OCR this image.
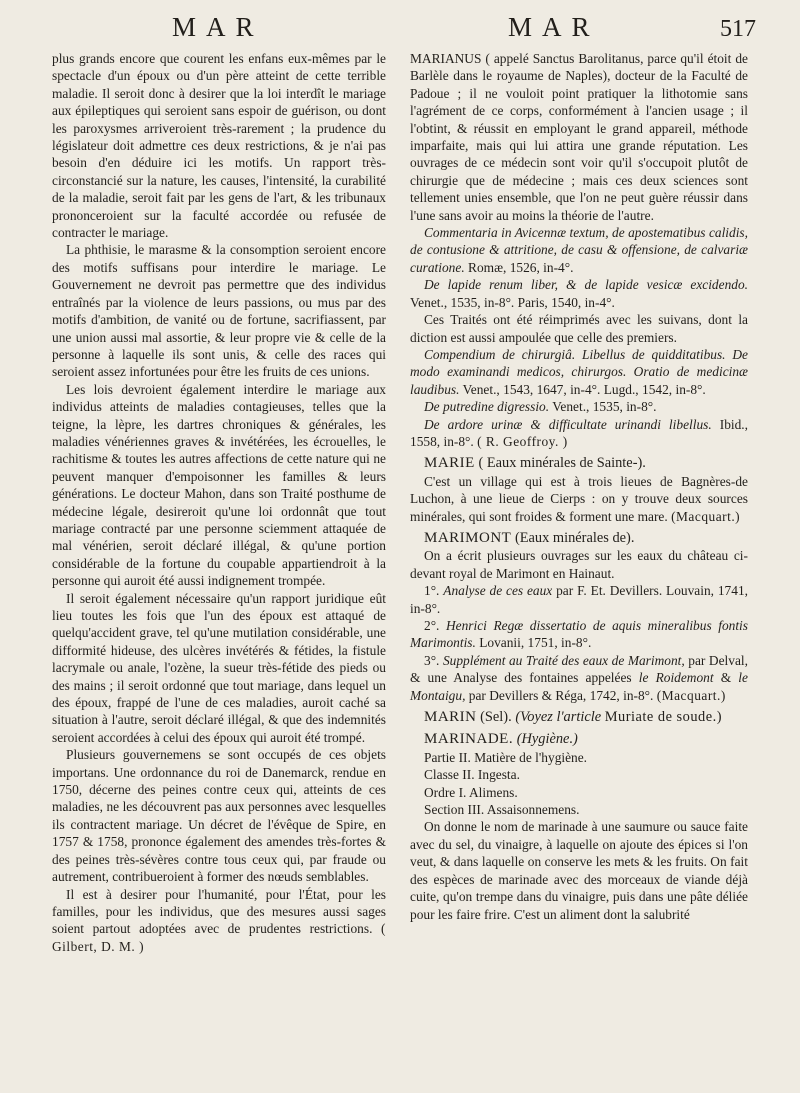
MAR	MAR	517

plus grands encore que courent les enfans eux-mêmes par le spectacle d'un époux ou d'un père atteint de cette terrible maladie. Il seroit donc à desirer que la loi interdît le mariage aux épileptiques qui seroient sans espoir de guérison, ou dont les paroxysmes arriveroient très-rarement ; la prudence du législateur doit admettre ces deux restrictions, & je n'ai pas besoin d'en déduire ici les motifs. Un rapport très-circonstancié sur la nature, les causes, l'intensité, la curabilité de la maladie, seroit fait par les gens de l'art, & les tribunaux prononceroient sur la faculté accordée ou refusée de contracter le mariage.

La phthisie, le marasme & la consomption seroient encore des motifs suffisans pour interdire le mariage. Le Gouvernement ne devroit pas permettre que des individus entraînés par la violence de leurs passions, ou mus par des motifs d'ambition, de vanité ou de fortune, sacrifiassent, par une union aussi mal assortie, & leur propre vie & celle de la personne à laquelle ils sont unis, & celle des races qui seroient assez infortunées pour être les fruits de ces unions.

Les lois devroient également interdire le mariage aux individus atteints de maladies contagieuses, telles que la teigne, la lèpre, les dartres chroniques & générales, les maladies vénériennes graves & invétérées, les écrouelles, le rachitisme & toutes les autres affections de cette nature qui ne peuvent manquer d'empoisonner les familles & leurs générations. Le docteur Mahon, dans son Traité posthume de médecine légale, desireroit qu'une loi ordonnât que tout mariage contracté par une personne sciemment attaquée de mal vénérien, seroit déclaré illégal, & qu'une portion considérable de la fortune du coupable appartiendroit à la personne qui auroit été aussi indignement trompée.

Il seroit également nécessaire qu'un rapport juridique eût lieu toutes les fois que l'un des époux est attaqué de quelqu'accident grave, tel qu'une mutilation considérable, une difformité hideuse, des ulcères invétérés & fétides, la fistule lacrymale ou anale, l'ozène, la sueur très-fétide des pieds ou des mains ; il seroit ordonné que tout mariage, dans lequel un des époux, frappé de l'une de ces maladies, auroit caché sa situation à l'autre, seroit déclaré illégal, & que des indemnités seroient accordées à celui des époux qui auroit été trompé.

Plusieurs gouvernemens se sont occupés de ces objets importans. Une ordonnance du roi de Danemarck, rendue en 1750, décerne des peines contre ceux qui, atteints de ces maladies, ne les découvrent pas aux personnes avec lesquelles ils contractent mariage. Un décret de l'évêque de Spire, en 1757 & 1758, prononce également des amendes très-fortes & des peines très-sévères contre tous ceux qui, par fraude ou autrement, contribueroient à former des nœuds semblables.

Il est à desirer pour l'humanité, pour l'État, pour les familles, pour les individus, que des mesures aussi sages soient partout adoptées avec de prudentes restrictions. ( Gilbert, D. M. )

MARIANUS ( appelé Sanctus Barolitanus, parce qu'il étoit de Barlèle dans le royaume de Naples), docteur de la Faculté de Padoue ; il ne vouloit point pratiquer la lithotomie sans l'agrément de ce corps, conformément à l'ancien usage ; il l'obtint, & réussit en employant le grand appareil, méthode imparfaite, mais qui lui attira une grande réputation. Les ouvrages de ce médecin sont voir qu'il s'occupoit plutôt de chirurgie que de médecine ; mais ces deux sciences sont tellement unies ensemble, que l'on ne peut guère réussir dans l'une sans avoir au moins la théorie de l'autre.

Commentaria in Avicennæ textum, de apostematibus calidis, de contusione & attritione, de casu & offensione, de calvariæ curatione. Romæ, 1526, in-4°.

De lapide renum liber, & de lapide vesicæ excidendo. Venet., 1535, in-8°. Paris, 1540, in-4°.

Ces Traités ont été réimprimés avec les suivans, dont la diction est aussi ampoulée que celle des premiers.

Compendium de chirurgiâ. Libellus de quidditatibus. De modo examinandi medicos, chirurgos. Oratio de medicinæ laudibus. Venet., 1543, 1647, in-4°. Lugd., 1542, in-8°.

De putredine digressio. Venet., 1535, in-8°.

De ardore urinæ & difficultate urinandi libellus. Ibid., 1558, in-8°. ( R. Geoffroy. )

MARIE ( Eaux minérales de Sainte-).

C'est un village qui est à trois lieues de Bagnères-de Luchon, à une lieue de Cierps : on y trouve deux sources minérales, qui sont froides & forment une mare. (Macquart.)

MARIMONT (Eaux minérales de).

On a écrit plusieurs ouvrages sur les eaux du château ci-devant royal de Marimont en Hainaut.

1°. Analyse de ces eaux par F. Et. Devillers. Louvain, 1741, in-8°.

2°. Henrici Regæ dissertatio de aquis mineralibus fontis Marimontis. Lovanii, 1751, in-8°.

3°. Supplément au Traité des eaux de Marimont, par Delval, & une Analyse des fontaines appelées le Roidemont & le Montaigu, par Devillers & Réga, 1742, in-8°. (Macquart.)

MARIN (Sel). (Voyez l'article Muriate de soude.)

MARINADE. (Hygiène.)

Partie II. Matière de l'hygiène.

Classe II. Ingesta.

Ordre I. Alimens.

Section III. Assaisonnemens.

On donne le nom de marinade à une saumure ou sauce faite avec du sel, du vinaigre, à laquelle on ajoute des épices si l'on veut, & dans laquelle on conserve les mets & les fruits. On fait des espèces de marinade avec des morceaux de viande déjà cuite, qu'on trempe dans du vinaigre, puis dans une pâte déliée pour les faire frire. C'est un aliment dont la salubrité
